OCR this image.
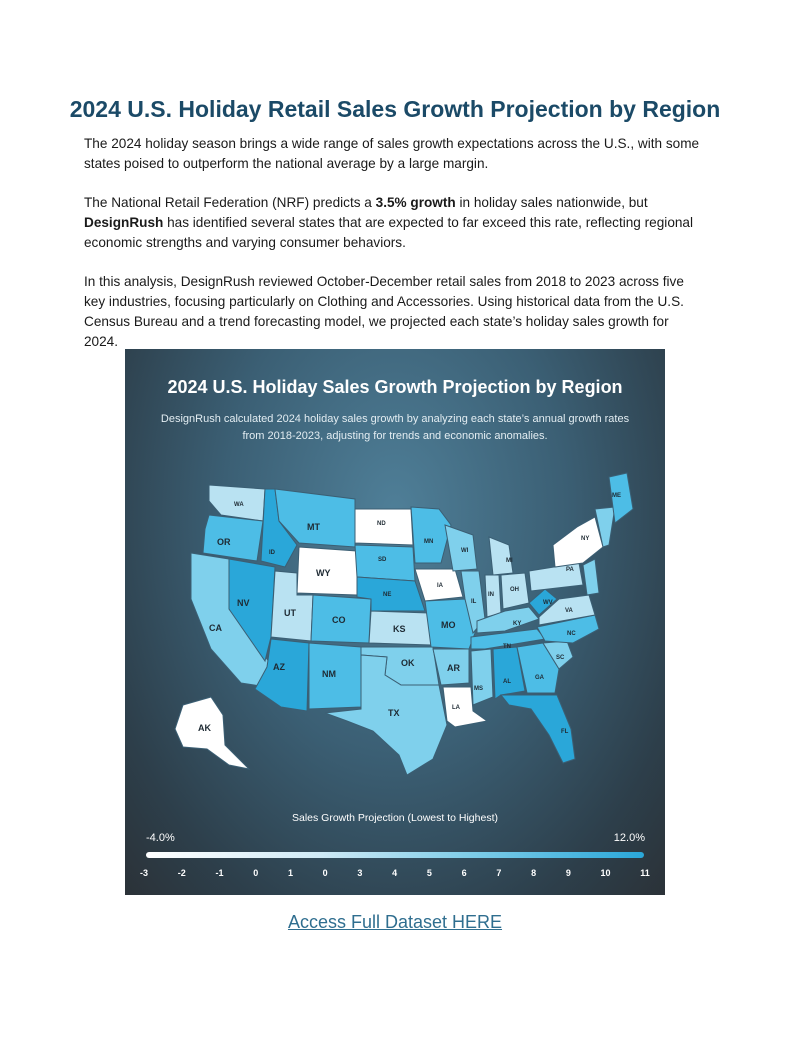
2024 U.S. Holiday Retail Sales Growth Projection by Region

The 2024 holiday season brings a wide range of sales growth expectations across the U.S., with some states poised to outperform the national average by a large margin.

The National Retail Federation (NRF) predicts a 3.5% growth in holiday sales nationwide, but DesignRush has identified several states that are expected to far exceed this rate, reflecting regional economic strengths and varying consumer behaviors.

In this analysis, DesignRush reviewed October-December retail sales from 2018 to 2023 across five key industries, focusing particularly on Clothing and Accessories. Using historical data from the U.S. Census Bureau and a trend forecasting model, we projected each state’s holiday sales growth for 2024.

2024 U.S. Holiday Sales Growth Projection by Region
DesignRush calculated 2024 holiday sales growth by analyzing each state’s annual growth rates from 2018-2023, adjusting for trends and economic anomalies.
WA
OR
CA
NV
ID
MT
WY
UT
CO
AZ
NM
ND
SD
NE
KS
OK
TX
MN
IA
MO
AR
LA
WI
IL
MI
IN
OH
KY
TN
MS
AL
GA
FL
SC
NC
VA
WV
PA
NY
ME
AK
Sales Growth Projection (Lowest to Highest)
-4.0%	12.0%
-3	-2	-1	0	1	0	3	4	5	6	7	8	9	10	11
Access Full Dataset HERE
